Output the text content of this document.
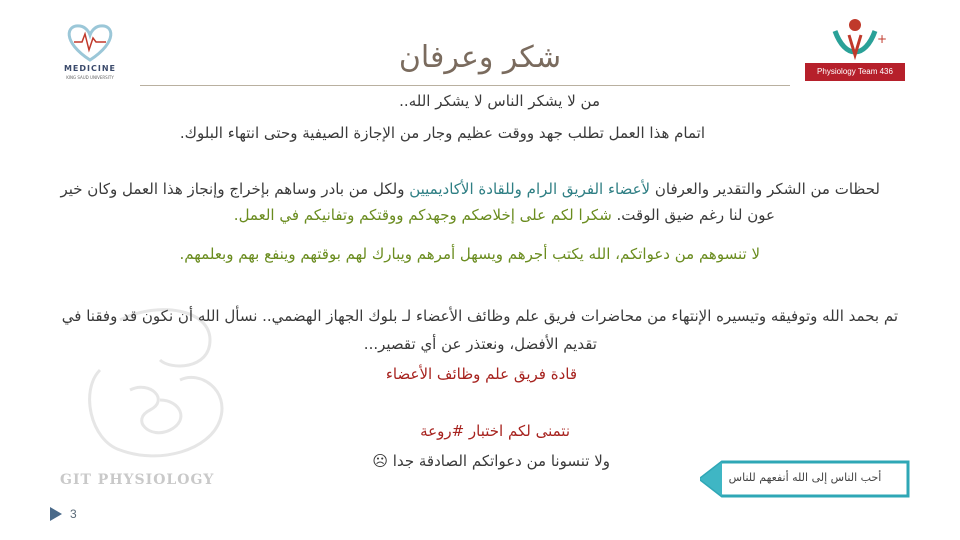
MEDICINE
KING SAUD UNIVERSITY
شكر وعرفان
+
Physiology Team 436
من لا يشكر الناس لا يشكر الله..
اتمام هذا العمل تطلب جهد ووقت عظيم وجار من الإجازة الصيفية وحتى انتهاء البلوك.
لحظات من الشكر والتقدير والعرفان لأعضاء الفريق الرام وللقادة الأكاديميين ولكل من بادر وساهم بإخراج وإنجاز هذا العمل وكان خير
عون لنا رغم ضيق الوقت. شكرا لكم على إخلاصكم وجهدكم ووقتكم وتفانيكم في العمل.
لا تنسوهم من دعواتكم، الله يكتب أجرهم ويسهل أمرهم ويبارك لهم بوقتهم وينفع بهم وبعلمهم.
تم بحمد الله وتوفيقه وتيسيره الإنتهاء من محاضرات فريق علم وظائف الأعضاء لـ بلوك الجهاز الهضمي.. نسأل الله أن نكون قد وفقنا في
تقديم الأفضل، ونعتذر عن أي تقصير...
قادة فريق علم وظائف الأعضاء
نتمنى لكم اختبار #روعة
ولا تنسونا من دعواتكم الصادقة جدا ☹
GIT PHYSIOLOGY
3
أحب الناس إلى الله أنفعهم للناس
